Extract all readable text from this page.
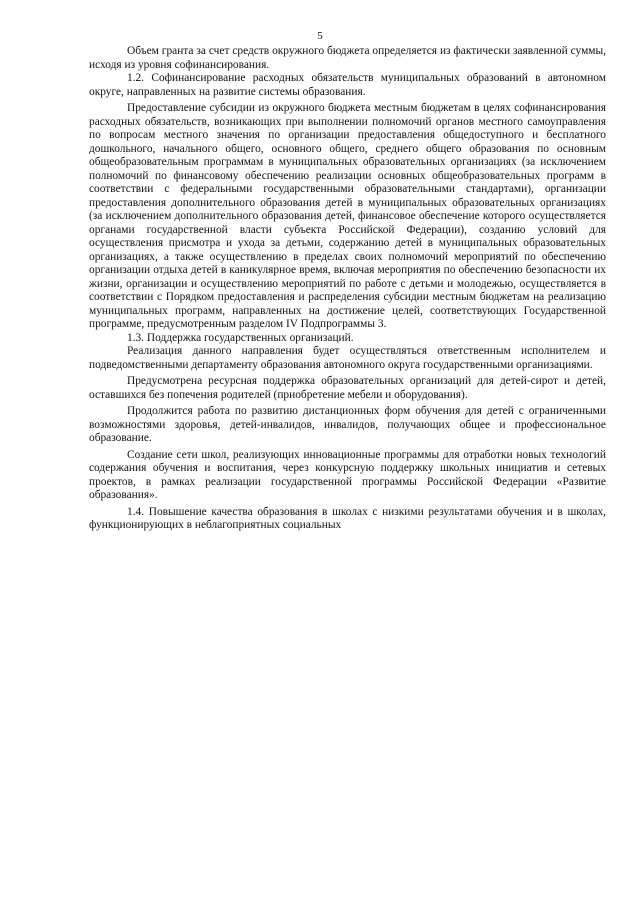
5

Объем гранта за счет средств окружного бюджета определяется из фактически заявленной суммы, исходя из уровня софинансирования.

1.2. Софинансирование расходных обязательств муниципальных образований в автономном округе, направленных на развитие системы образования.

Предоставление субсидии из окружного бюджета местным бюджетам в целях софинансирования расходных обязательств, возникающих при выполнении полномочий органов местного самоуправления по вопросам местного значения по организации предоставления общедоступного и бесплатного дошкольного, начального общего, основного общего, среднего общего образования по основным общеобразовательным программам в муниципальных образовательных организациях (за исключением полномочий по финансовому обеспечению реализации основных общеобразовательных программ в соответствии с федеральными государственными образовательными стандартами), организации предоставления дополнительного образования детей в муниципальных образовательных организациях (за исключением дополнительного образования детей, финансовое обеспечение которого осуществляется органами государственной власти субъекта Российской Федерации), созданию условий для осуществления присмотра и ухода за детьми, содержанию детей в муниципальных образовательных организациях, а также осуществлению в пределах своих полномочий мероприятий по обеспечению организации отдыха детей в каникулярное время, включая мероприятия по обеспечению безопасности их жизни, организации и осуществлению мероприятий по работе с детьми и молодежью, осуществляется в соответствии с Порядком предоставления и распределения субсидии местным бюджетам на реализацию муниципальных программ, направленных на достижение целей, соответствующих Государственной программе, предусмотренным разделом IV Подпрограммы 3.

1.3. Поддержка государственных организаций.

Реализация данного направления будет осуществляться ответственным исполнителем и подведомственными департаменту образования автономного округа государственными организациями.

Предусмотрена ресурсная поддержка образовательных организаций для детей-сирот и детей, оставшихся без попечения родителей (приобретение мебели и оборудования).

Продолжится работа по развитию дистанционных форм обучения для детей с ограниченными возможностями здоровья, детей-инвалидов, инвалидов, получающих общее и профессиональное образование.

Создание сети школ, реализующих инновационные программы для отработки новых технологий содержания обучения и воспитания, через конкурсную поддержку школьных инициатив и сетевых проектов, в рамках реализации государственной программы Российской Федерации «Развитие образования».

1.4. Повышение качества образования в школах с низкими результатами обучения и в школах, функционирующих в неблагоприятных социальных
